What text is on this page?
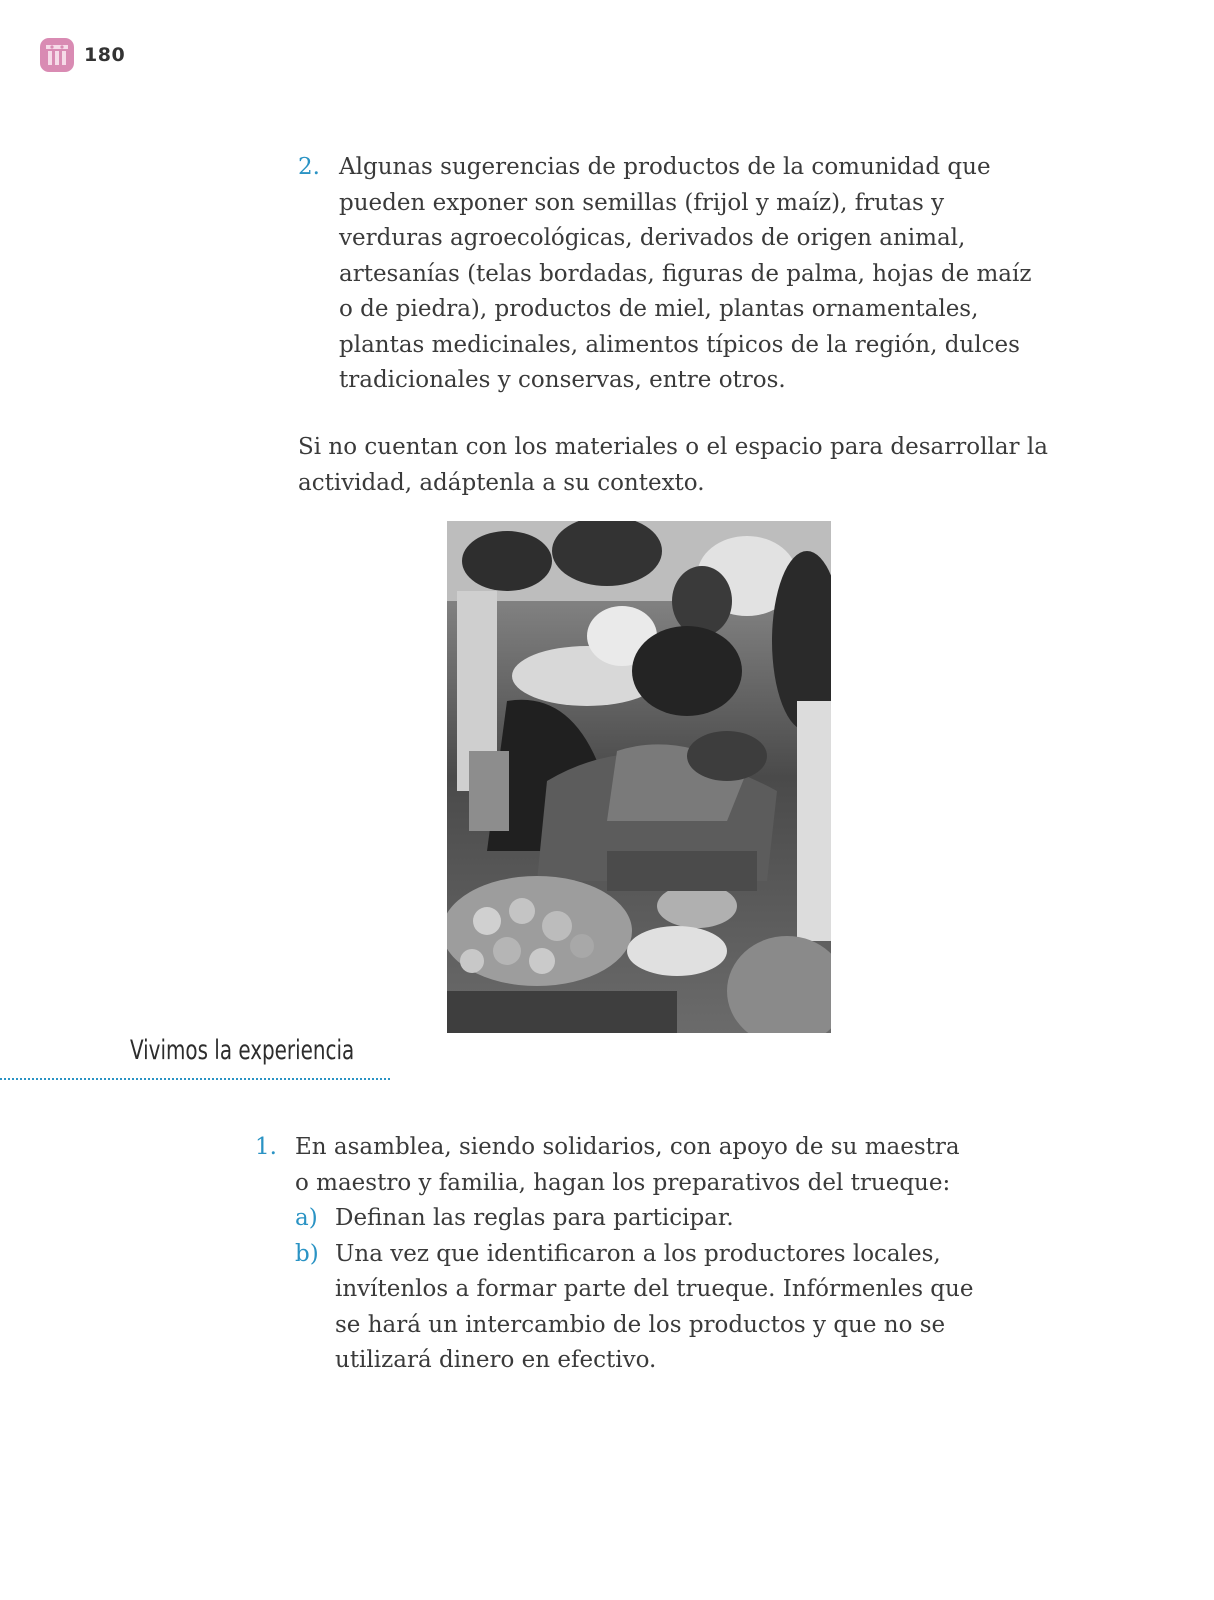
180
2. Algunas sugerencias de productos de la comunidad que pueden exponer son semillas (frijol y maíz), frutas y verduras agroecológicas, derivados de origen animal, artesanías (telas bordadas, figuras de palma, hojas de maíz o de piedra), productos de miel, plantas ornamentales, plantas medicinales, alimentos típicos de la región, dulces tradicionales y conservas, entre otros.
Si no cuentan con los materiales o el espacio para desarrollar la actividad, adáptenla a su contexto.
Vivimos la experiencia
1. En asamblea, siendo solidarios, con apoyo de su maestra o maestro y familia, hagan los preparativos del trueque:
a) Definan las reglas para participar.
b) Una vez que identificaron a los productores locales, invítenlos a formar parte del trueque. Infórmenles que se hará un intercambio de los productos y que no se utilizará dinero en efectivo.
